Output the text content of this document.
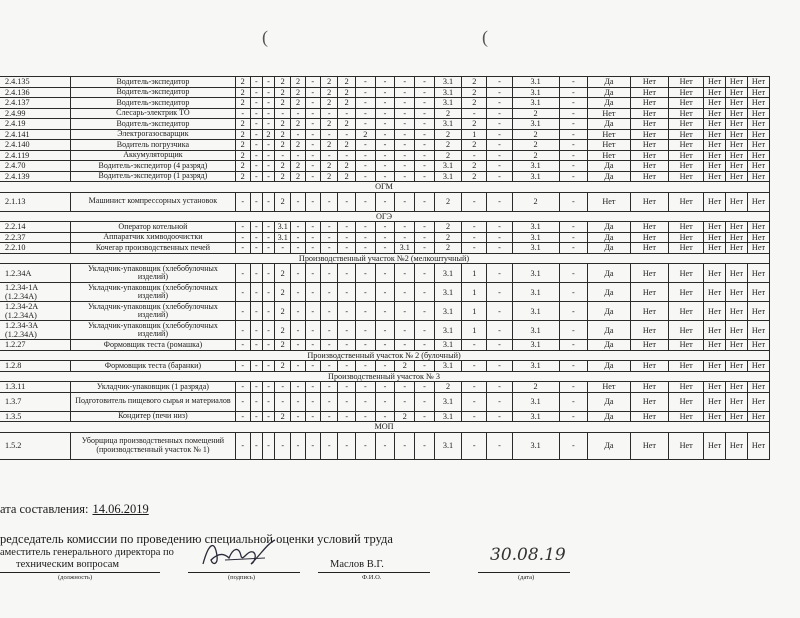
(	(
2.4.135	Водитель-экспедитор	2	-	-	2	2	-	2	2	-	-	-	-	3.1	2	-	3.1	-	Да	Нет	Нет	Нет	Нет	Нет
2.4.136	Водитель-экспедитор	2	-	-	2	2	-	2	2	-	-	-	-	3.1	2	-	3.1	-	Да	Нет	Нет	Нет	Нет	Нет
2.4.137	Водитель-экспедитор	2	-	-	2	2	-	2	2	-	-	-	-	3.1	2	-	3.1	-	Да	Нет	Нет	Нет	Нет	Нет
2.4.99	Слесарь-электрик ТО	-	-	-	-	-	-	-	-	-	-	-	-	2	-	-	2	-	Нет	Нет	Нет	Нет	Нет	Нет
2.4.19	Водитель-экспедитор	2	-	-	2	2	-	2	2	-	-	-	-	3.1	2	-	3.1	-	Да	Нет	Нет	Нет	Нет	Нет
2.4.141	Электрогазосварщик	2	-	2	2	-	-	-	-	2	-	-	-	2	1	-	2	-	Нет	Нет	Нет	Нет	Нет	Нет
2.4.140	Водитель погрузчика	2	-	-	2	2	-	2	2	-	-	-	-	2	2	-	2	-	Нет	Нет	Нет	Нет	Нет	Нет
2.4.119	Аккумуляторщик	2	-	-	-	-	-	-	-	-	-	-	-	2	-	-	2	-	Нет	Нет	Нет	Нет	Нет	Нет
2.4.70	Водитель-экспедитор (4 разряд)	2	-	-	2	2	-	2	2	-	-	-	-	3.1	2	-	3.1	-	Да	Нет	Нет	Нет	Нет	Нет
2.4.139	Водитель-экспедитор (1 разряд)	2	-	-	2	2	-	2	2	-	-	-	-	3.1	2	-	3.1	-	Да	Нет	Нет	Нет	Нет	Нет
ОГМ																								
2.1.13	Машинист компрессорных установок	-	-	-	2	-	-	-	-	-	-	-	-	2	-	-	2	-	Нет	Нет	Нет	Нет	Нет	Нет
ОГЭ																								
2.2.14	Оператор котельной	-	-	-	3.1	-	-	-	-	-	-	-	-	2	-	-	3.1	-	Да	Нет	Нет	Нет	Нет	Нет
2.2.37	Аппаратчик химводоочистки	-	-	-	3.1	-	-	-	-	-	-	-	-	2	-	-	3.1	-	Да	Нет	Нет	Нет	Нет	Нет
2.2.10	Кочегар производственных печей	-	-	-	-	-	-	-	-	-	-	3.1	-	2	-	-	3.1	-	Да	Нет	Нет	Нет	Нет	Нет
Производственный участок №2 (мелкоштучный)																								
1.2.34А	Укладчик-упаковщик (хлебобулочных изделий)	-	-	-	2	-	-	-	-	-	-	-	-	3.1	1	-	3.1	-	Да	Нет	Нет	Нет	Нет	Нет
1.2.34-1А (1.2.34А)	Укладчик-упаковщик (хлебобулочных изделий)	-	-	-	2	-	-	-	-	-	-	-	-	3.1	1	-	3.1	-	Да	Нет	Нет	Нет	Нет	Нет
1.2.34-2А (1.2.34А)	Укладчик-упаковщик (хлебобулочных изделий)	-	-	-	2	-	-	-	-	-	-	-	-	3.1	1	-	3.1	-	Да	Нет	Нет	Нет	Нет	Нет
1.2.34-3А (1.2.34А)	Укладчик-упаковщик (хлебобулочных изделий)	-	-	-	2	-	-	-	-	-	-	-	-	3.1	1	-	3.1	-	Да	Нет	Нет	Нет	Нет	Нет
1.2.27	Формовщик теста (ромашка)	-	-	-	2	-	-	-	-	-	-	-	-	3.1	-	-	3.1	-	Да	Нет	Нет	Нет	Нет	Нет
Производственный участок № 2 (булочный)																								
1.2.8	Формовщик теста (баранки)	-	-	-	2	-	-	-	-	-	-	2	-	3.1	-	-	3.1	-	Да	Нет	Нет	Нет	Нет	Нет
Производственный участок № 3																								
1.3.11	Укладчик-упаковщик (1 разряда)	-	-	-	-	-	-	-	-	-	-	-	-	2	-	-	2	-	Нет	Нет	Нет	Нет	Нет	Нет
1.3.7	Подготовитель пищевого сырья и материалов	-	-	-	-	-	-	-	-	-	-	-	-	3.1	-	-	3.1	-	Да	Нет	Нет	Нет	Нет	Нет
1.3.5	Кондитер (печи низ)	-	-	-	2	-	-	-	-	-	-	2	-	3.1	-	-	3.1	-	Да	Нет	Нет	Нет	Нет	Нет
МОП																								
1.5.2	Уборщица производственных помещений (производственный участок № 1)	-	-	-	-	-	-	-	-	-	-	-	-	3.1	-	-	3.1	-	Да	Нет	Нет	Нет	Нет	Нет
ата составления: 14.06.2019
редседатель комиссии по проведению специальной оценки условий труда
аместитель генерального директора по
техническим вопросам
(должность)	(подпись)
Маслов В.Г.
Ф.И.О.
30.08.19
(дата)
